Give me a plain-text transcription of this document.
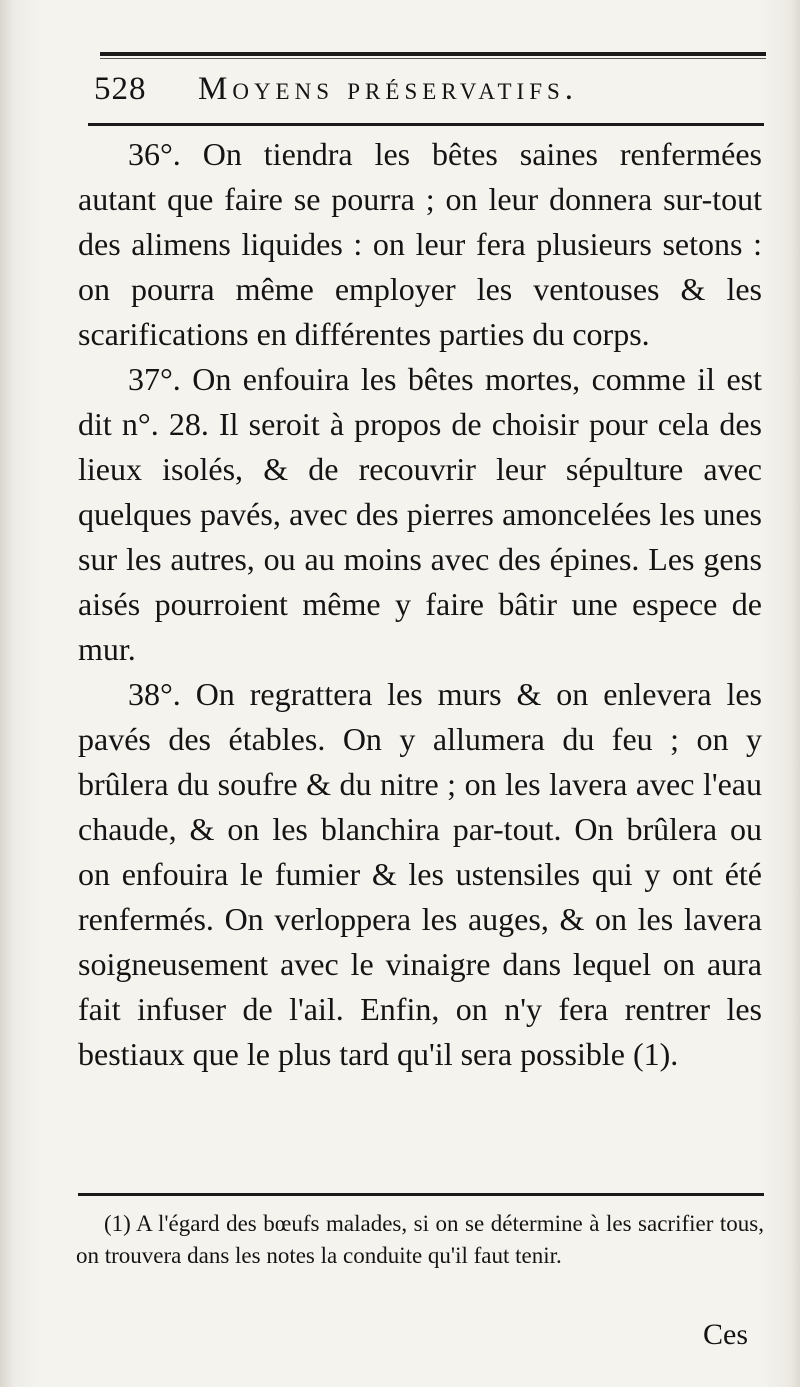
528 Moyens préservatifs.

36°. On tiendra les bêtes saines renfermées autant que faire se pourra ; on leur donnera sur-tout des alimens liquides : on leur fera plusieurs setons : on pourra même employer les ventouses & les scarifications en différentes parties du corps.

37°. On enfouira les bêtes mortes, comme il est dit n°. 28. Il seroit à propos de choisir pour cela des lieux isolés, & de recouvrir leur sépulture avec quelques pavés, avec des pierres amoncelées les unes sur les autres, ou au moins avec des épines. Les gens aisés pourroient même y faire bâtir une espece de mur.

38°. On regrattera les murs & on enlevera les pavés des étables. On y allumera du feu ; on y brûlera du soufre & du nitre ; on les lavera avec l'eau chaude, & on les blanchira par-tout. On brûlera ou on enfouira le fumier & les ustensiles qui y ont été renfermés. On verloppera les auges, & on les lavera soigneusement avec le vinaigre dans lequel on aura fait infuser de l'ail. Enfin, on n'y fera rentrer les bestiaux que le plus tard qu'il sera possible (1).

(1) A l'égard des bœufs malades, si on se détermine à les sacrifier tous, on trouvera dans les notes la conduite qu'il faut tenir.

Ces
